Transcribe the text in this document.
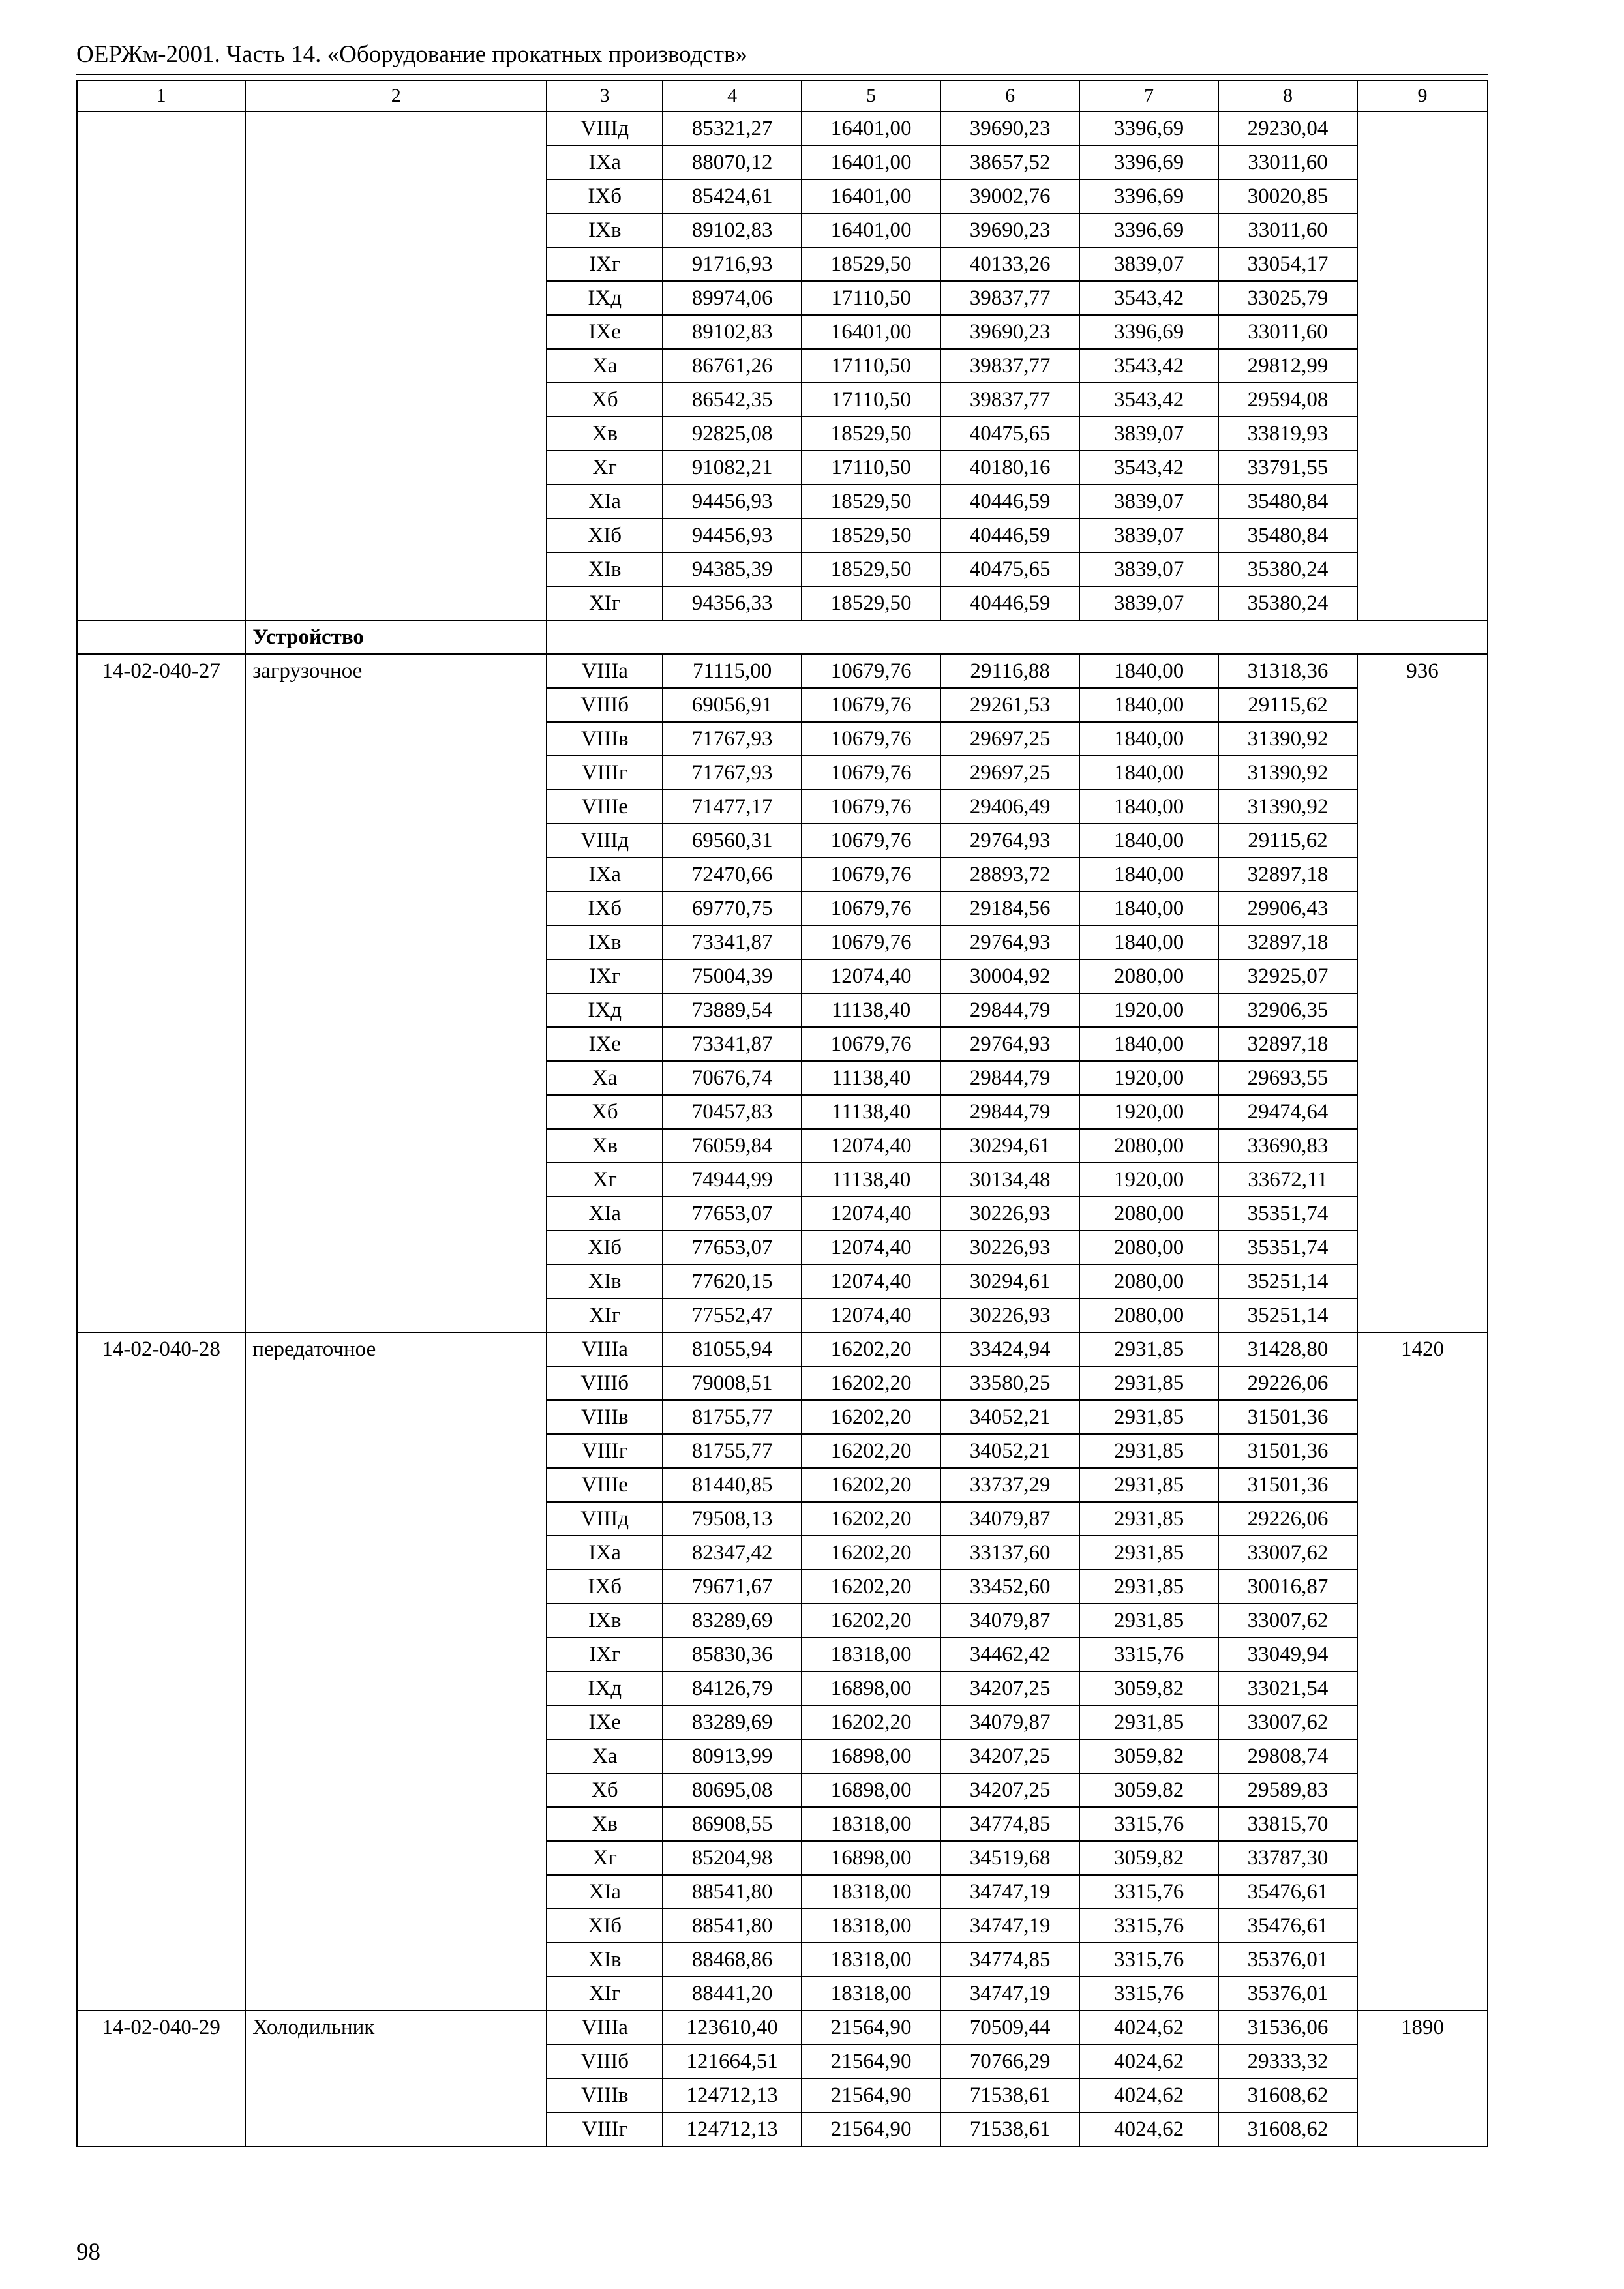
ОЕРЖм-2001. Часть 14. «Оборудование прокатных производств»
1	2	3	4	5	6	7	8	9
		VIIIд	85321,27	16401,00	39690,23	3396,69	29230,04	
		IXа	88070,12	16401,00	38657,52	3396,69	33011,60	
		IXб	85424,61	16401,00	39002,76	3396,69	30020,85	
		IXв	89102,83	16401,00	39690,23	3396,69	33011,60	
		IXг	91716,93	18529,50	40133,26	3839,07	33054,17	
		IXд	89974,06	17110,50	39837,77	3543,42	33025,79	
		IXе	89102,83	16401,00	39690,23	3396,69	33011,60	
		Xа	86761,26	17110,50	39837,77	3543,42	29812,99	
		Xб	86542,35	17110,50	39837,77	3543,42	29594,08	
		Xв	92825,08	18529,50	40475,65	3839,07	33819,93	
		Xг	91082,21	17110,50	40180,16	3543,42	33791,55	
		XIа	94456,93	18529,50	40446,59	3839,07	35480,84	
		XIб	94456,93	18529,50	40446,59	3839,07	35480,84	
		XIв	94385,39	18529,50	40475,65	3839,07	35380,24	
		XIг	94356,33	18529,50	40446,59	3839,07	35380,24	
	Устройство							
14-02-040-27	загрузочное	VIIIа	71115,00	10679,76	29116,88	1840,00	31318,36	936
		VIIIб	69056,91	10679,76	29261,53	1840,00	29115,62	
		VIIIв	71767,93	10679,76	29697,25	1840,00	31390,92	
		VIIIг	71767,93	10679,76	29697,25	1840,00	31390,92	
		VIIIе	71477,17	10679,76	29406,49	1840,00	31390,92	
		VIIIд	69560,31	10679,76	29764,93	1840,00	29115,62	
		IXа	72470,66	10679,76	28893,72	1840,00	32897,18	
		IXб	69770,75	10679,76	29184,56	1840,00	29906,43	
		IXв	73341,87	10679,76	29764,93	1840,00	32897,18	
		IXг	75004,39	12074,40	30004,92	2080,00	32925,07	
		IXд	73889,54	11138,40	29844,79	1920,00	32906,35	
		IXе	73341,87	10679,76	29764,93	1840,00	32897,18	
		Xа	70676,74	11138,40	29844,79	1920,00	29693,55	
		Xб	70457,83	11138,40	29844,79	1920,00	29474,64	
		Xв	76059,84	12074,40	30294,61	2080,00	33690,83	
		Xг	74944,99	11138,40	30134,48	1920,00	33672,11	
		XIа	77653,07	12074,40	30226,93	2080,00	35351,74	
		XIб	77653,07	12074,40	30226,93	2080,00	35351,74	
		XIв	77620,15	12074,40	30294,61	2080,00	35251,14	
		XIг	77552,47	12074,40	30226,93	2080,00	35251,14	
14-02-040-28	передаточное	VIIIа	81055,94	16202,20	33424,94	2931,85	31428,80	1420
		VIIIб	79008,51	16202,20	33580,25	2931,85	29226,06	
		VIIIв	81755,77	16202,20	34052,21	2931,85	31501,36	
		VIIIг	81755,77	16202,20	34052,21	2931,85	31501,36	
		VIIIе	81440,85	16202,20	33737,29	2931,85	31501,36	
		VIIIд	79508,13	16202,20	34079,87	2931,85	29226,06	
		IXа	82347,42	16202,20	33137,60	2931,85	33007,62	
		IXб	79671,67	16202,20	33452,60	2931,85	30016,87	
		IXв	83289,69	16202,20	34079,87	2931,85	33007,62	
		IXг	85830,36	18318,00	34462,42	3315,76	33049,94	
		IXд	84126,79	16898,00	34207,25	3059,82	33021,54	
		IXе	83289,69	16202,20	34079,87	2931,85	33007,62	
		Xа	80913,99	16898,00	34207,25	3059,82	29808,74	
		Xб	80695,08	16898,00	34207,25	3059,82	29589,83	
		Xв	86908,55	18318,00	34774,85	3315,76	33815,70	
		Xг	85204,98	16898,00	34519,68	3059,82	33787,30	
		XIа	88541,80	18318,00	34747,19	3315,76	35476,61	
		XIб	88541,80	18318,00	34747,19	3315,76	35476,61	
		XIв	88468,86	18318,00	34774,85	3315,76	35376,01	
		XIг	88441,20	18318,00	34747,19	3315,76	35376,01	
14-02-040-29	Холодильник	VIIIа	123610,40	21564,90	70509,44	4024,62	31536,06	1890
		VIIIб	121664,51	21564,90	70766,29	4024,62	29333,32	
		VIIIв	124712,13	21564,90	71538,61	4024,62	31608,62	
		VIIIг	124712,13	21564,90	71538,61	4024,62	31608,62	
98
